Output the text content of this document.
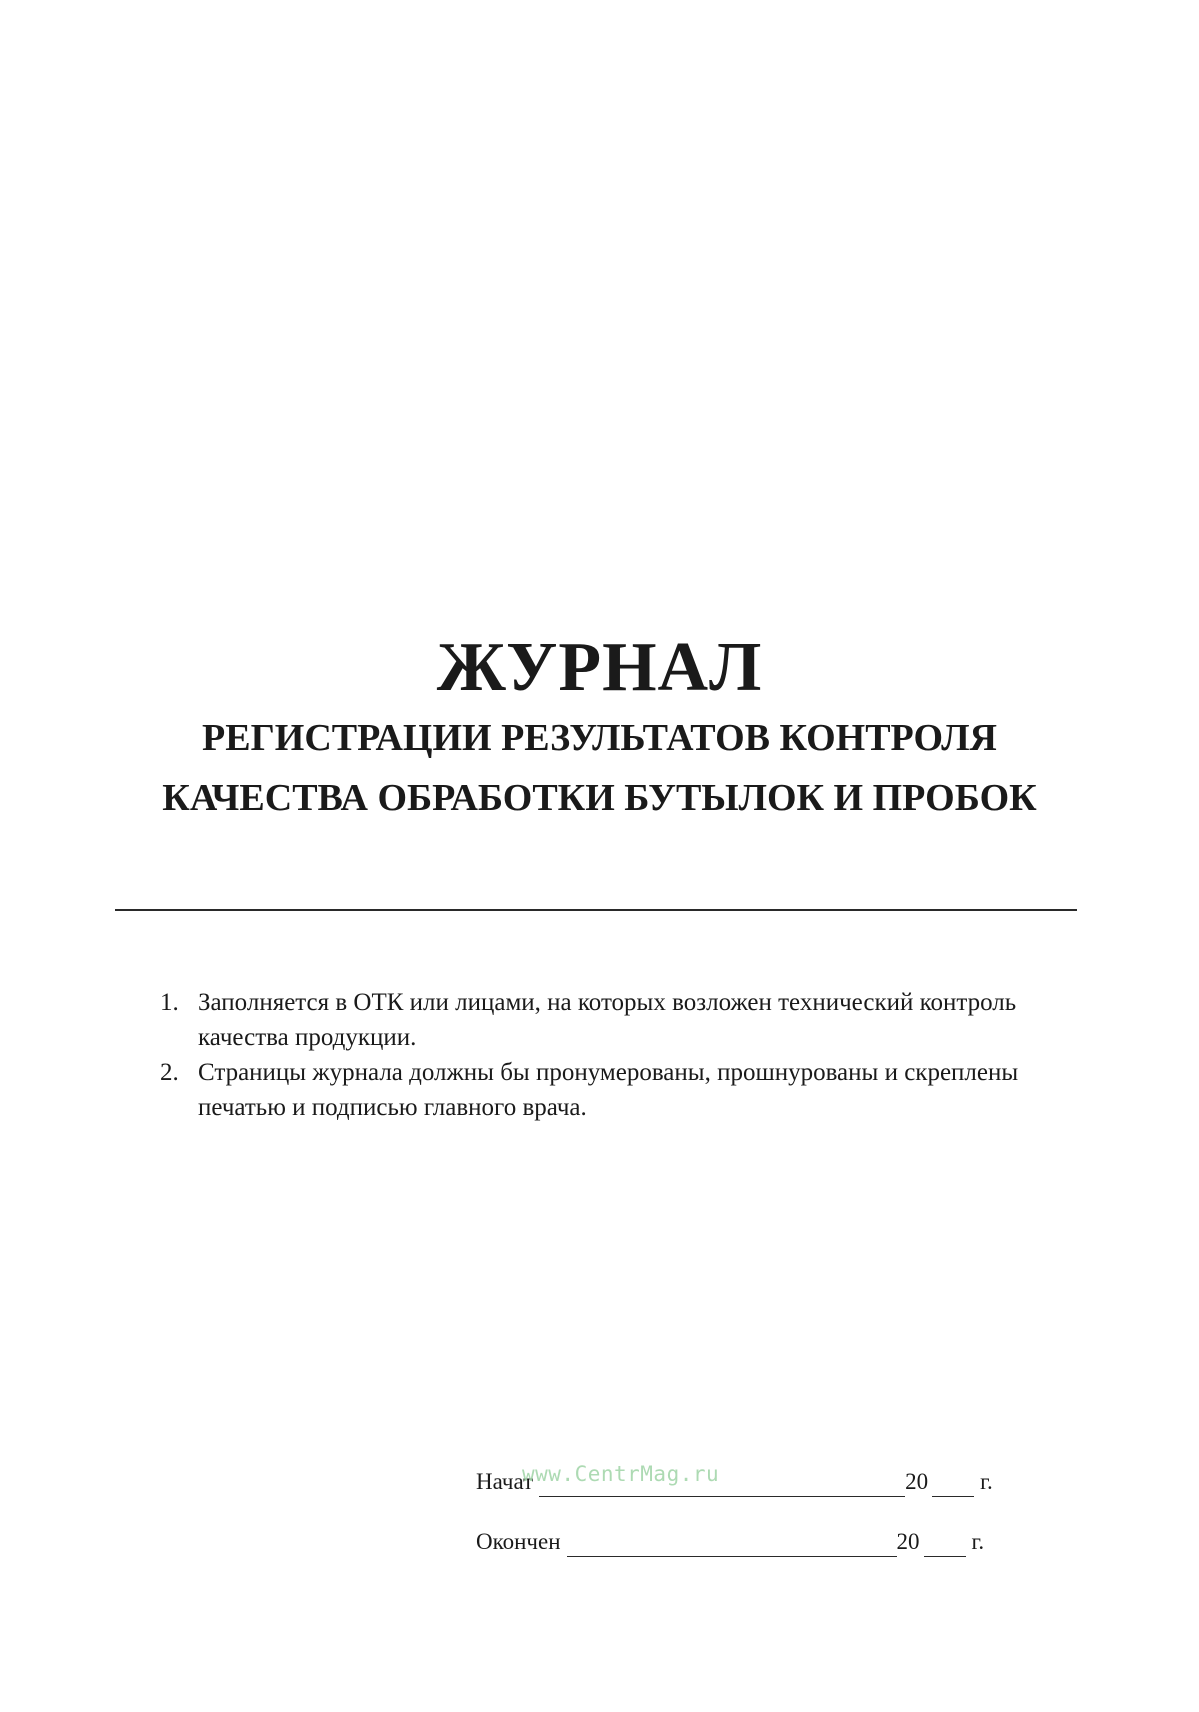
ЖУРНАЛ
РЕГИСТРАЦИИ РЕЗУЛЬТАТОВ КОНТРОЛЯ
КАЧЕСТВА ОБРАБОТКИ БУТЫЛОК И ПРОБОК
1. Заполняется в ОТК или лицами, на которых возложен технический контроль качества продукции.
2. Страницы журнала должны бы пронумерованы, прошнурованы и скреплены печатью и подписью главного врача.
Начат	20 г.
Окончен	20 г.
www.CentrMag.ru
